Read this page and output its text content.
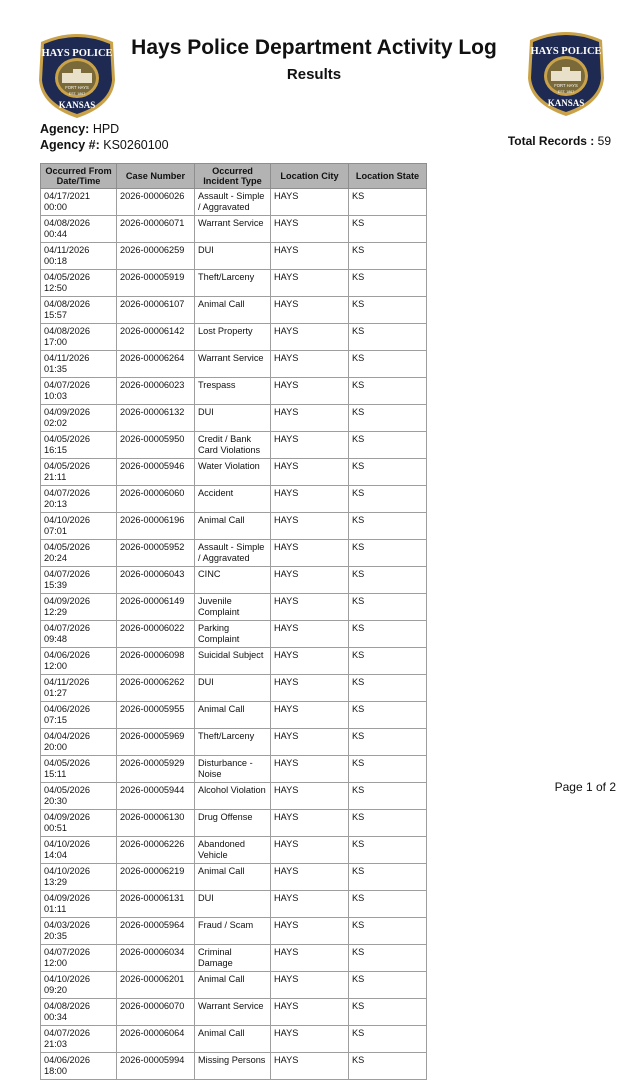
HAYS POLICE
FORT HAYS
EST. 1867
KANSAS
HAYS POLICE
FORT HAYS
EST. 1867
KANSAS
Hays Police Department Activity Log
Results
Agency: HPD
Agency #: KS0260100	Total Records : 59
Occurred From Date/Time	Case Number	Occurred Incident Type	Location City	Location State
04/17/2021 00:00	2026-00006026	Assault - Simple / Aggravated	HAYS	KS
04/08/2026 00:44	2026-00006071	Warrant Service	HAYS	KS
04/11/2026 00:18	2026-00006259	DUI	HAYS	KS
04/05/2026 12:50	2026-00005919	Theft/Larceny	HAYS	KS
04/08/2026 15:57	2026-00006107	Animal Call	HAYS	KS
04/08/2026 17:00	2026-00006142	Lost Property	HAYS	KS
04/11/2026 01:35	2026-00006264	Warrant Service	HAYS	KS
04/07/2026 10:03	2026-00006023	Trespass	HAYS	KS
04/09/2026 02:02	2026-00006132	DUI	HAYS	KS
04/05/2026 16:15	2026-00005950	Credit / Bank Card Violations	HAYS	KS
04/05/2026 21:11	2026-00005946	Water Violation	HAYS	KS
04/07/2026 20:13	2026-00006060	Accident	HAYS	KS
04/10/2026 07:01	2026-00006196	Animal Call	HAYS	KS
04/05/2026 20:24	2026-00005952	Assault - Simple / Aggravated	HAYS	KS
04/07/2026 15:39	2026-00006043	CINC	HAYS	KS
04/09/2026 12:29	2026-00006149	Juvenile Complaint	HAYS	KS
04/07/2026 09:48	2026-00006022	Parking Complaint	HAYS	KS
04/06/2026 12:00	2026-00006098	Suicidal Subject	HAYS	KS
04/11/2026 01:27	2026-00006262	DUI	HAYS	KS
04/06/2026 07:15	2026-00005955	Animal Call	HAYS	KS
04/04/2026 20:00	2026-00005969	Theft/Larceny	HAYS	KS
04/05/2026 15:11	2026-00005929	Disturbance - Noise	HAYS	KS
04/05/2026 20:30	2026-00005944	Alcohol Violation	HAYS	KS
04/09/2026 00:51	2026-00006130	Drug Offense	HAYS	KS
04/10/2026 14:04	2026-00006226	Abandoned Vehicle	HAYS	KS
04/10/2026 13:29	2026-00006219	Animal Call	HAYS	KS
04/09/2026 01:11	2026-00006131	DUI	HAYS	KS
04/03/2026 20:35	2026-00005964	Fraud / Scam	HAYS	KS
04/07/2026 12:00	2026-00006034	Criminal Damage	HAYS	KS
04/10/2026 09:20	2026-00006201	Animal Call	HAYS	KS
04/08/2026 00:34	2026-00006070	Warrant Service	HAYS	KS
04/07/2026 21:03	2026-00006064	Animal Call	HAYS	KS
04/06/2026 18:00	2026-00005994	Missing Persons	HAYS	KS
Page 1 of 2
